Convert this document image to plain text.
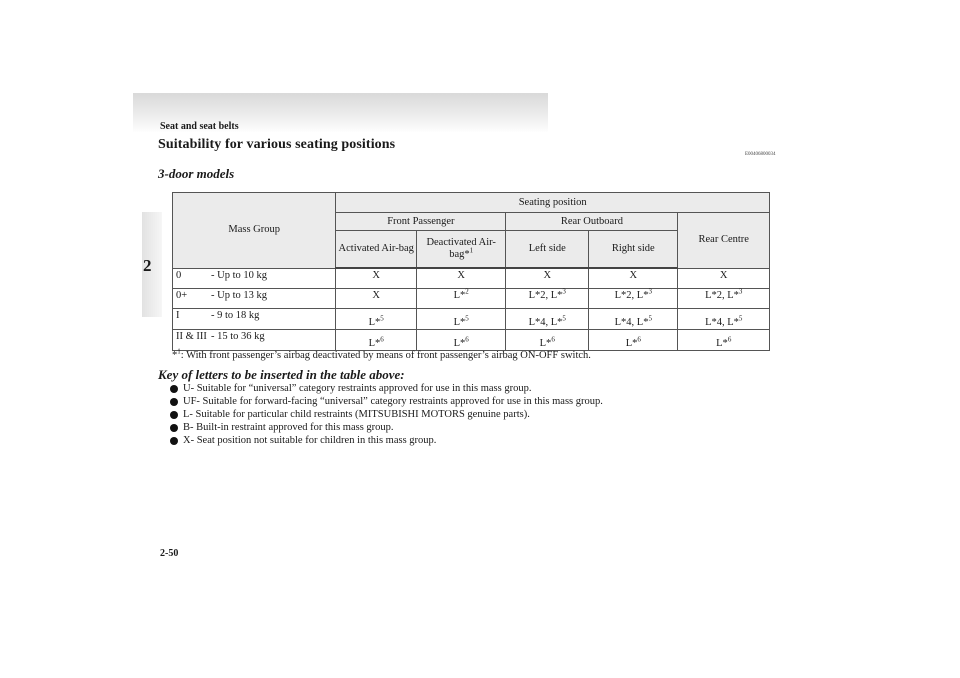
2
Seat and seat belts
Suitability for various seating positions
E00406800034
3-door models
Mass Group	Seating position				
	Front Passenger		Rear Outboard		Rear Centre
	Activated Air-bag	Deactivated Air-bag*$^1$	Left side	Right side	
0 - Up to 10 kg	X	X	X	X	X
0+ - Up to 13 kg	X	L*$^2$	L*2, L*$^3$	L*2, L*$^3$	L*2, L*$^3$
I - 9 to 18 kg	L*$^5$	L*$^5$	L*4, L*$^5$	L*4, L*$^5$	L*4, L*$^5$
II & III - 15 to 36 kg	L*$^6$	L*$^6$	L*$^6$	L*$^6$	L*$^6$
*$^1$: With front passenger’s airbag deactivated by means of front passenger’s airbag ON-OFF switch.
Key of letters to be inserted in the table above:
U- Suitable for “universal” category restraints approved for use in this mass group.
UF- Suitable for forward-facing “universal” category restraints approved for use in this mass group.
L- Suitable for particular child restraints (MITSUBISHI MOTORS genuine parts).
B- Built-in restraint approved for this mass group.
X- Seat position not suitable for children in this mass group.
2-50
